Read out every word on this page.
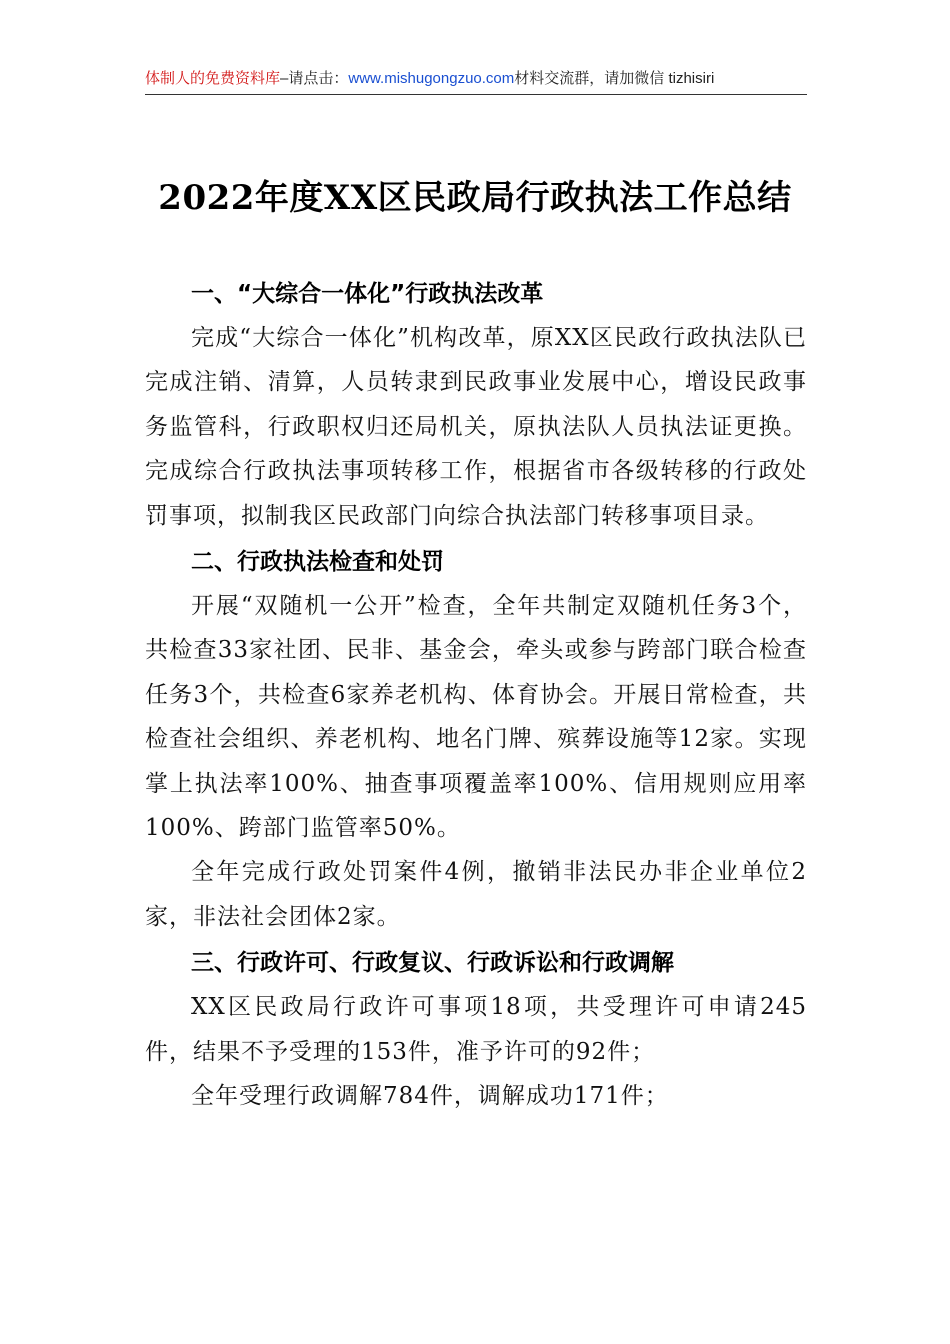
体制人的免费资料库–请点击：www.mishugongzuo.com材料交流群，请加微信 tizhisiri
2022年度XX区民政局行政执法工作总结

一、“大综合一体化”行政执法改革

完成“大综合一体化”机构改革，原XX区民政行政执法队已完成注销、清算，人员转隶到民政事业发展中心，增设民政事务监管科，行政职权归还局机关，原执法队人员执法证更换。完成综合行政执法事项转移工作，根据省市各级转移的行政处罚事项，拟制我区民政部门向综合执法部门转移事项目录。

二、行政执法检查和处罚

开展“双随机一公开”检查，全年共制定双随机任务3个，共检查33家社团、民非、基金会，牵头或参与跨部门联合检查任务3个，共检查6家养老机构、体育协会。开展日常检查，共检查社会组织、养老机构、地名门牌、殡葬设施等12家。实现掌上执法率100%、抽查事项覆盖率100%、信用规则应用率100%、跨部门监管率50%。

全年完成行政处罚案件4例，撤销非法民办非企业单位2家，非法社会团体2家。

三、行政许可、行政复议、行政诉讼和行政调解

XX区民政局行政许可事项18项，共受理许可申请245件，结果不予受理的153件，准予许可的92件；

全年受理行政调解784件，调解成功171件；
